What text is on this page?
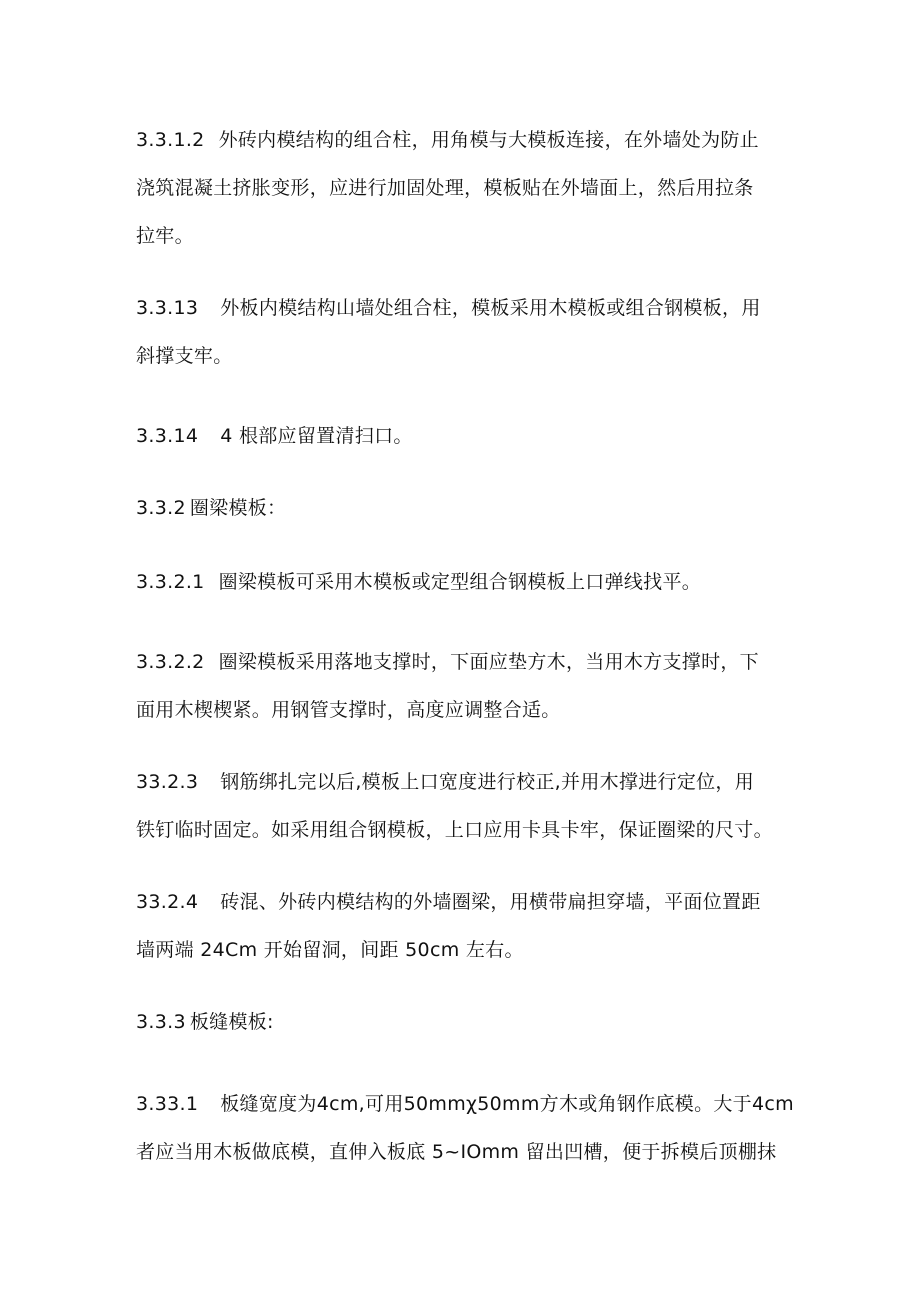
3.3.1.2 外砖内模结构的组合柱，用角模与大模板连接，在外墙处为防止
浇筑混凝土挤胀变形，应进行加固处理，模板贴在外墙面上，然后用拉条
拉牢。
3.3.13 外板内模结构山墙处组合柱，模板采用木模板或组合钢模板，用
斜撑支牢。
3.3.14 4 根部应留置清扫口。
3.3.2 圈梁模板：
3.3.2.1 圈梁模板可采用木模板或定型组合钢模板上口弹线找平。
3.3.2.2 圈梁模板采用落地支撑时，下面应垫方木，当用木方支撑时，下
面用木楔楔紧。用钢管支撑时，高度应调整合适。
33.2.3 钢筋绑扎完以后,模板上口宽度进行校正,并用木撑进行定位，用
铁钉临时固定。如采用组合钢模板，上口应用卡具卡牢，保证圈梁的尺寸。
33.2.4 砖混、外砖内模结构的外墙圈梁，用横带扁担穿墙，平面位置距
墙两端 24Cm 开始留洞，间距 50cm 左右。
3.3.3 板缝模板:
3.33.1 板缝宽度为4cm,可用50mmχ50mm方木或角钢作底模。大于4cm
者应当用木板做底模，直伸入板底 5~IOmm 留出凹槽，便于拆模后顶棚抹
